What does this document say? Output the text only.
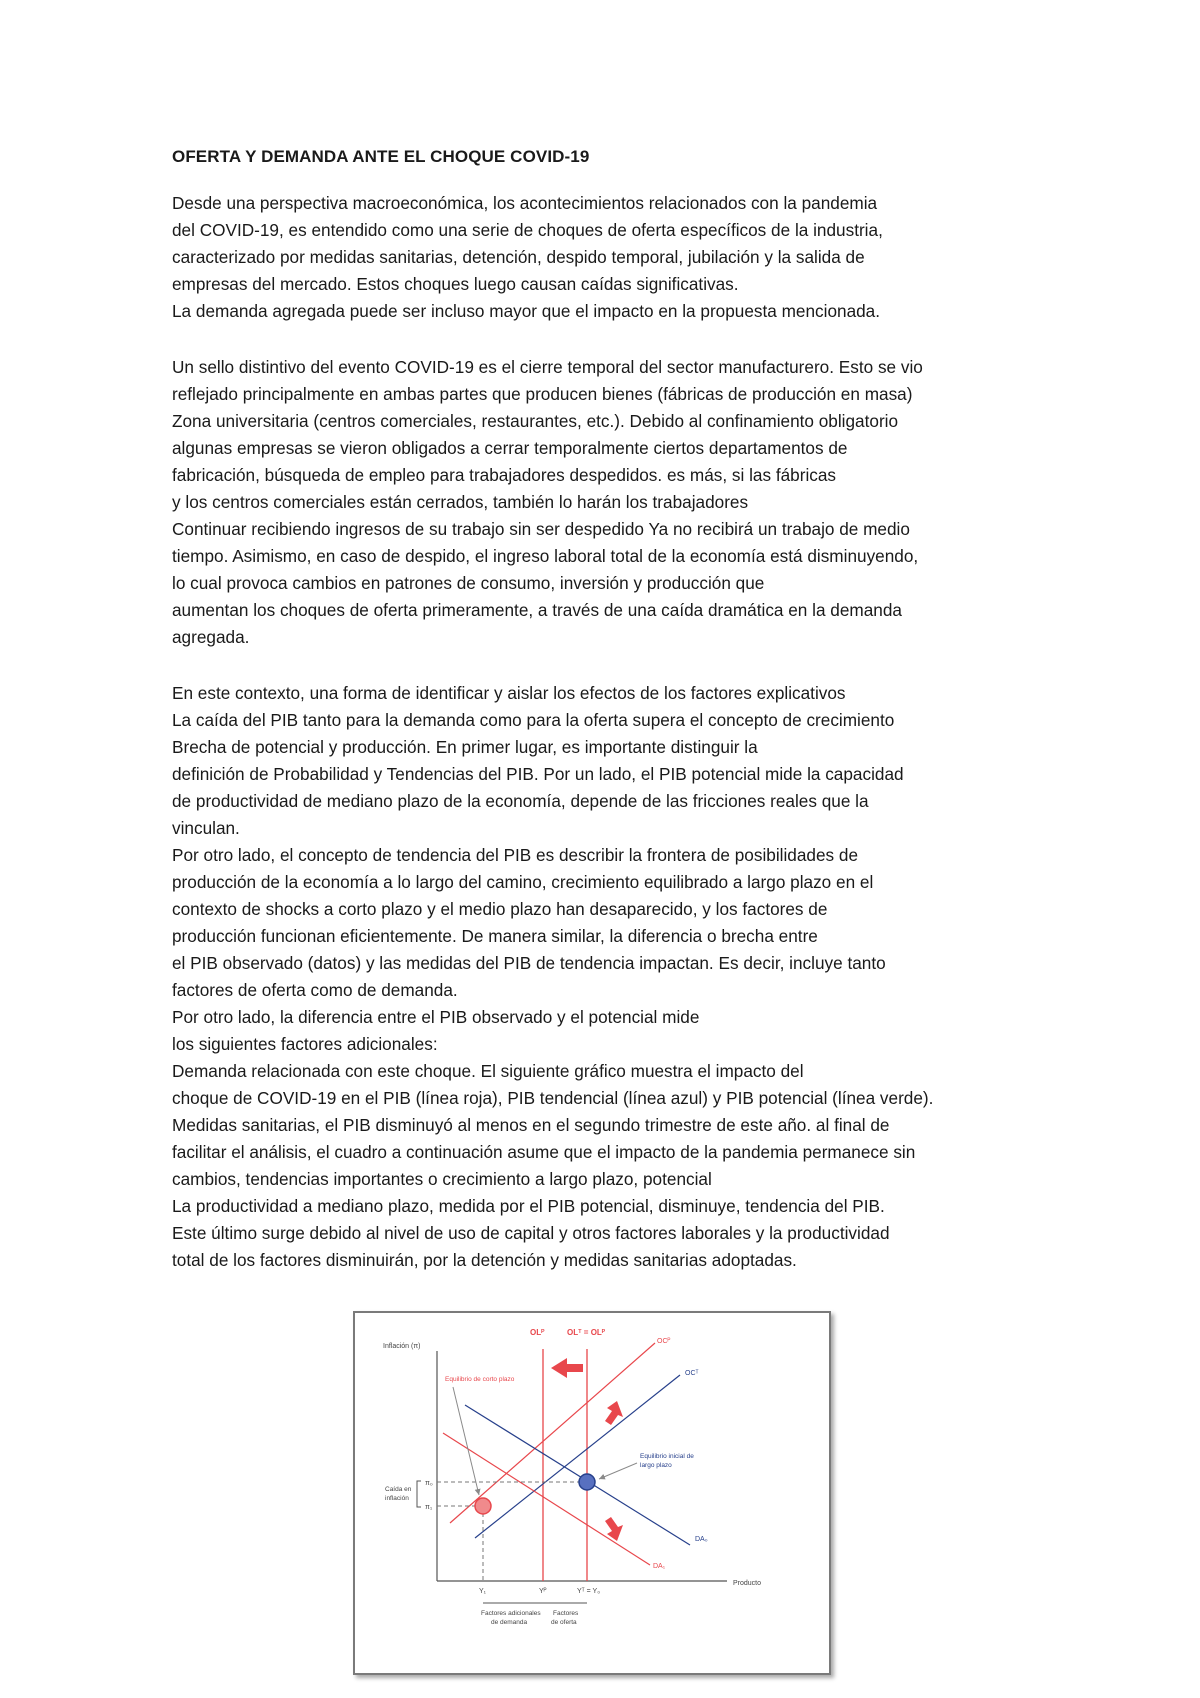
OFERTA Y DEMANDA ANTE EL CHOQUE COVID-19
Desde una perspectiva macroeconómica, los acontecimientos relacionados con la pandemia
del COVID-19, es entendido como una serie de choques de oferta específicos de la industria,
caracterizado por medidas sanitarias, detención, despido temporal, jubilación y la salida de
empresas del mercado. Estos choques luego causan caídas significativas.
La demanda agregada puede ser incluso mayor que el impacto en la propuesta mencionada.
Un sello distintivo del evento COVID-19 es el cierre temporal del sector manufacturero. Esto se vio
reflejado principalmente en ambas partes que producen bienes (fábricas de producción en masa)
Zona universitaria (centros comerciales, restaurantes, etc.). Debido al confinamiento obligatorio
algunas empresas se vieron obligados a cerrar temporalmente ciertos departamentos de
fabricación, búsqueda de empleo para trabajadores despedidos. es más, si las fábricas
y los centros comerciales están cerrados, también lo harán los trabajadores
Continuar recibiendo ingresos de su trabajo sin ser despedido Ya no recibirá un trabajo de medio
tiempo. Asimismo, en caso de despido, el ingreso laboral total de la economía está disminuyendo,
lo cual provoca cambios en patrones de consumo, inversión y producción que
aumentan los choques de oferta primeramente, a través de una caída dramática en la demanda
agregada.
En este contexto, una forma de identificar y aislar los efectos de los factores explicativos
La caída del PIB tanto para la demanda como para la oferta supera el concepto de crecimiento
Brecha de potencial y producción. En primer lugar, es importante distinguir la
definición de Probabilidad y Tendencias del PIB. Por un lado, el PIB potencial mide la capacidad
de productividad de mediano plazo de la economía, depende de las fricciones reales que la
vinculan.
Por otro lado, el concepto de tendencia del PIB es describir la frontera de posibilidades de
producción de la economía a lo largo del camino, crecimiento equilibrado a largo plazo en el
contexto de shocks a corto plazo y el medio plazo han desaparecido, y los factores de
producción funcionan eficientemente. De manera similar, la diferencia o brecha entre
el PIB observado (datos) y las medidas del PIB de tendencia impactan. Es decir, incluye tanto
factores de oferta como de demanda.
Por otro lado, la diferencia entre el PIB observado y el potencial mide
los siguientes factores adicionales:
Demanda relacionada con este choque. El siguiente gráfico muestra el impacto del
choque de COVID-19 en el PIB (línea roja), PIB tendencial (línea azul) y PIB potencial (línea verde).
Medidas sanitarias, el PIB disminuyó al menos en el segundo trimestre de este año. al final de
facilitar el análisis, el cuadro a continuación asume que el impacto de la pandemia permanece sin
cambios, tendencias importantes o crecimiento a largo plazo, potencial
La productividad a mediano plazo, medida por el PIB potencial, disminuye, tendencia del PIB.
Este último surge debido al nivel de uso de capital y otros factores laborales y la productividad
total de los factores disminuirán, por la detención y medidas sanitarias adoptadas.
Inflación (π)
Producto
OLᴾ	OLᵀ = OLᴾ
OCᴾ
OCᵀ
DA₀
DA₁
Equilibrio de corto plazo
Equilibrio inicial de
largo plazo
Caída en
inflación
π₀
π₁
Y₁	Yᴾ	Yᵀ = Y₀
Factores adicionales
de demanda
Factores
de oferta
